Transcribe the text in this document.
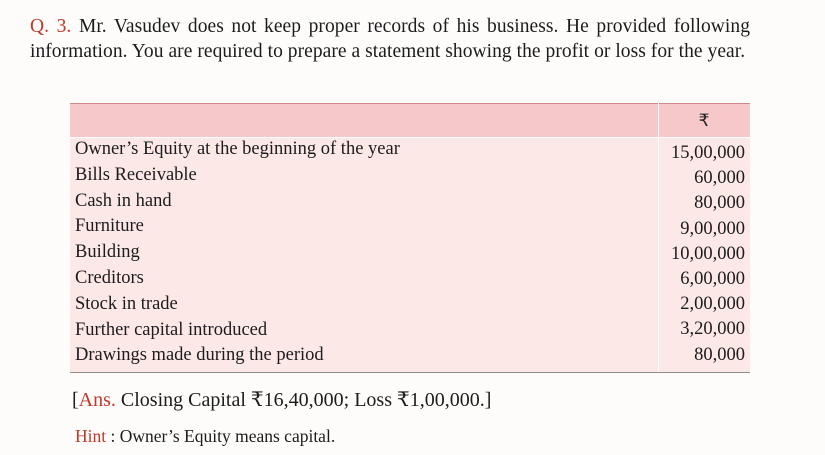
Q. 3. Mr. Vasudev does not keep proper records of his business. He provided following information. You are required to prepare a statement showing the profit or loss for the year.
₹
Owner’s Equity at the beginning of the year
Bills Receivable
Cash in hand
Furniture
Building
Creditors
Stock in trade
Further capital introduced
Drawings made during the period
15,00,000
60,000
80,000
9,00,000
10,00,000
6,00,000
2,00,000
3,20,000
80,000
[Ans. Closing Capital ₹16,40,000; Loss ₹1,00,000.]
Hint : Owner’s Equity means capital.
